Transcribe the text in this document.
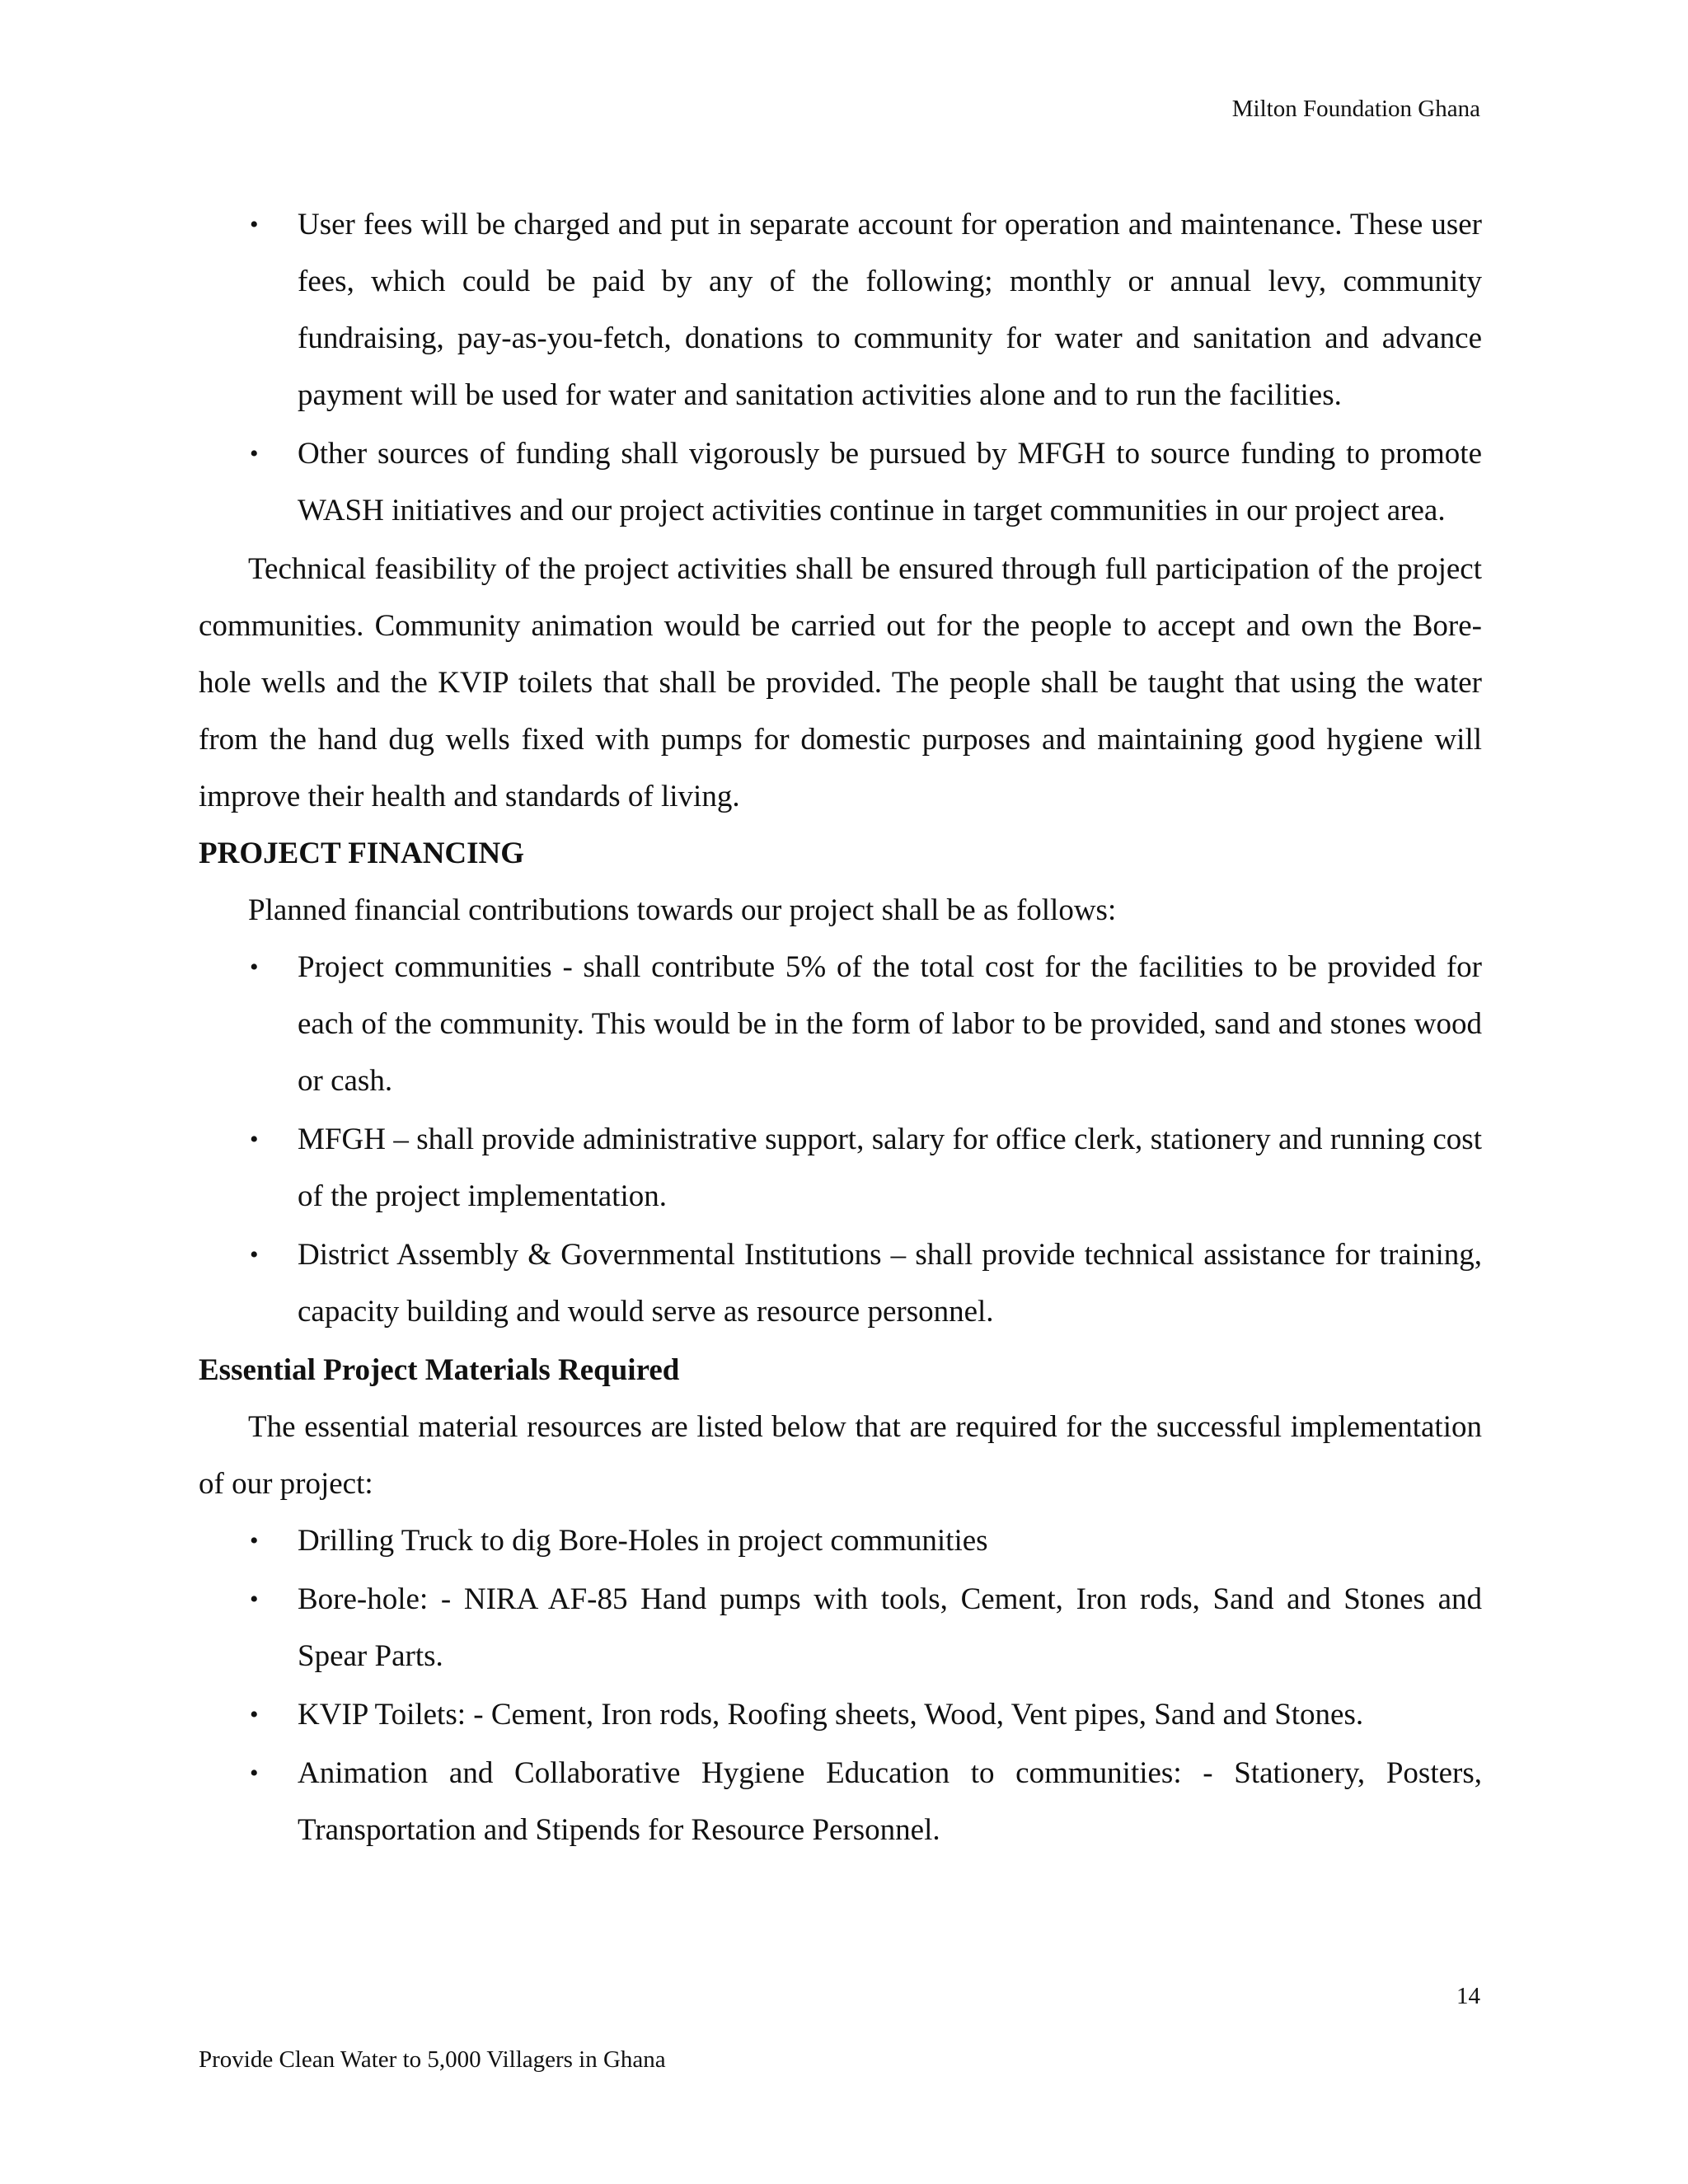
Milton Foundation Ghana
• User fees will be charged and put in separate account for operation and maintenance. These user fees, which could be paid by any of the following; monthly or annual levy, community fundraising, pay-as-you-fetch, donations to community for water and sanitation and advance payment will be used for water and sanitation activities alone and to run the facilities.
• Other sources of funding shall vigorously be pursued by MFGH to source funding to promote WASH initiatives and our project activities continue in target communities in our project area.

Technical feasibility of the project activities shall be ensured through full participation of the project communities. Community animation would be carried out for the people to accept and own the Bore-hole wells and the KVIP toilets that shall be provided. The people shall be taught that using the water from the hand dug wells fixed with pumps for domestic purposes and maintaining good hygiene will improve their health and standards of living.

PROJECT FINANCING

Planned financial contributions towards our project shall be as follows:

• Project communities - shall contribute 5% of the total cost for the facilities to be provided for each of the community. This would be in the form of labor to be provided, sand and stones wood or cash.
• MFGH – shall provide administrative support, salary for office clerk, stationery and running cost of the project implementation.
• District Assembly & Governmental Institutions – shall provide technical assistance for training, capacity building and would serve as resource personnel.
Essential Project Materials Required

The essential material resources are listed below that are required for the successful implementation of our project:

• Drilling Truck to dig Bore-Holes in project communities
• Bore-hole: - NIRA AF-85 Hand pumps with tools, Cement, Iron rods, Sand and Stones and Spear Parts.
• KVIP Toilets: - Cement, Iron rods, Roofing sheets, Wood, Vent pipes, Sand and Stones.
• Animation and Collaborative Hygiene Education to communities: - Stationery, Posters, Transportation and Stipends for Resource Personnel.
14
Provide Clean Water to 5,000 Villagers in Ghana
